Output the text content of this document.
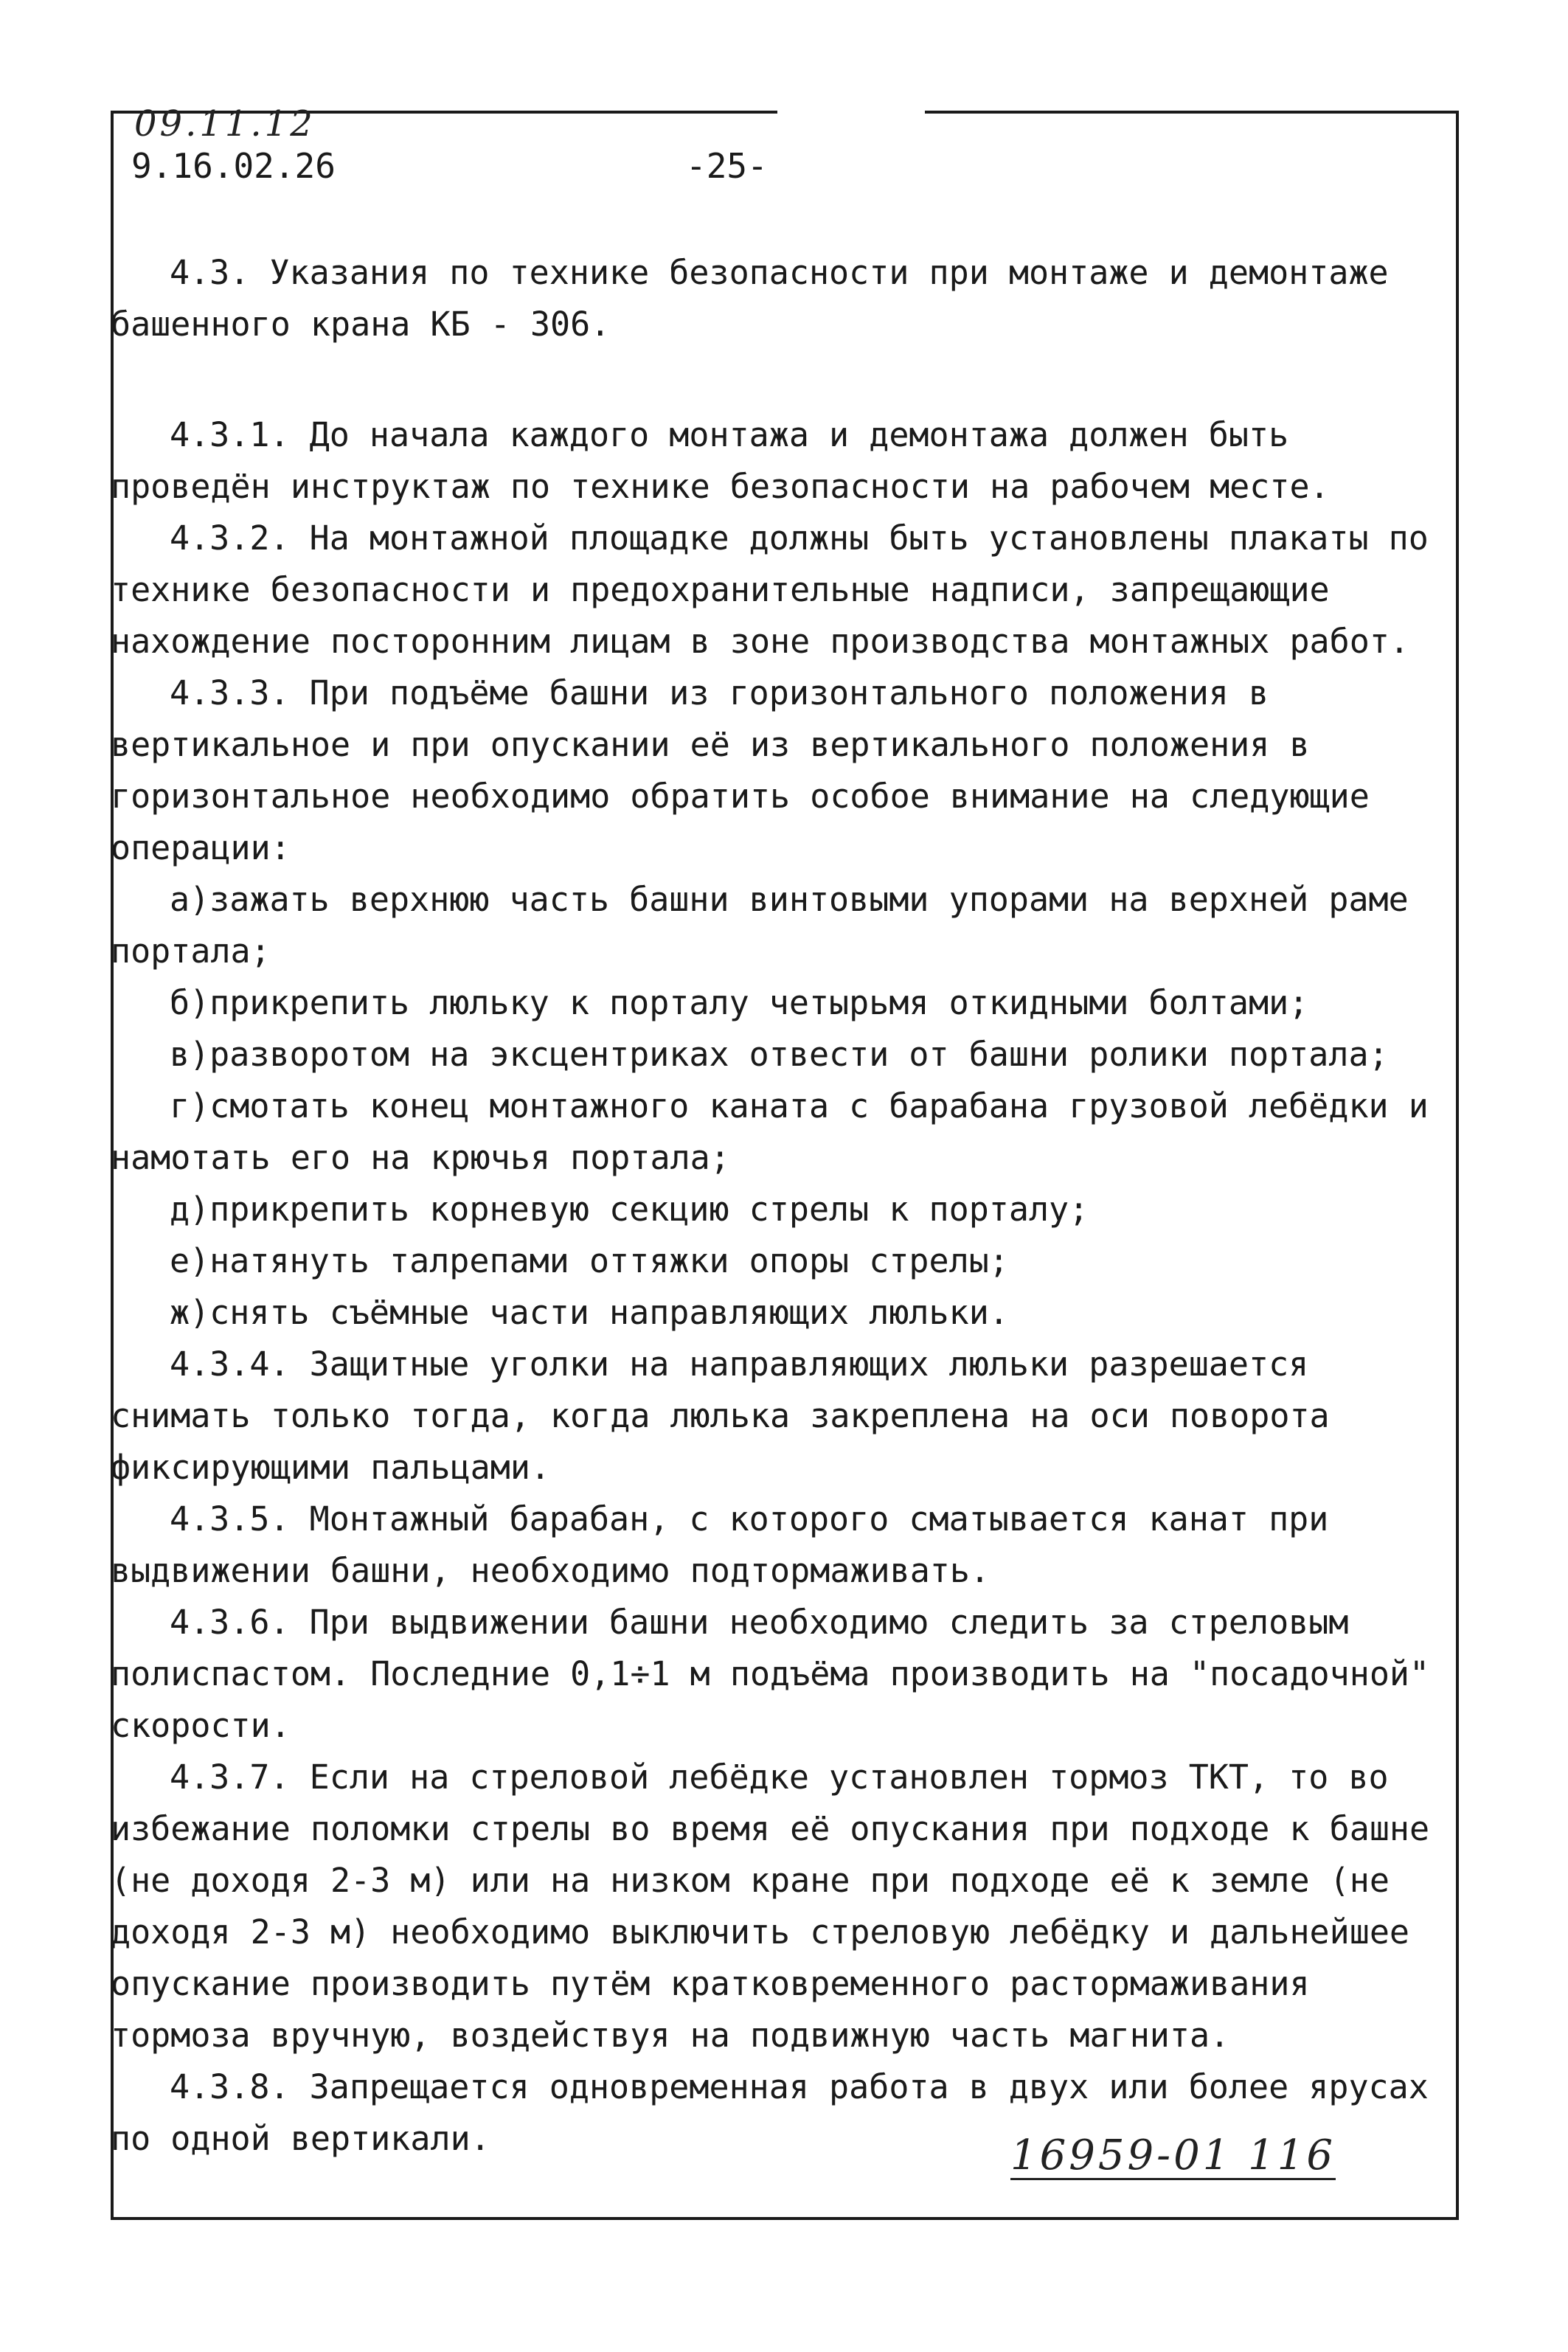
09.11.12
9.16.02.26	-25-

4.3. Указания по технике безопасности при монтаже и демонтаже башенного крана КБ - 306.

4.3.1. До начала каждого монтажа и демонтажа должен быть проведён инструктаж по технике безопасности на рабочем месте.

4.3.2. На монтажной площадке должны быть установлены плакаты по технике безопасности и предохранительные надписи, запрещающие нахождение посторонним лицам в зоне производства монтажных работ.

4.3.3. При подъёме башни из горизонтального положения в вертикальное и при опускании её из вертикального положения в горизонтальное необходимо обратить особое внимание на следующие операции:

а)зажать верхнюю часть башни винтовыми упорами на верхней раме портала;

б)прикрепить люльку к порталу четырьмя откидными болтами;

в)разворотом на эксцентриках отвести от башни ролики портала;

г)смотать конец монтажного каната с барабана грузовой лебёдки и намотать его на крючья портала;

д)прикрепить корневую секцию стрелы к порталу;

е)натянуть талрепами оттяжки опоры стрелы;

ж)снять съёмные части направляющих люльки.

4.3.4. Защитные уголки на направляющих люльки разрешается снимать только тогда, когда люлька закреплена на оси поворота фиксирующими пальцами.

4.3.5. Монтажный барабан, с которого сматывается канат при выдвижении башни, необходимо подтормаживать.

4.3.6. При выдвижении башни необходимо следить за стреловым полиспастом. Последние 0,1÷1 м подъёма производить на "посадочной" скорости.

4.3.7. Если на стреловой лебёдке установлен тормоз ТКТ, то во избежание поломки стрелы во время её опускания при подходе к башне (не доходя 2-3 м) или на низком кране при подходе её к земле (не доходя 2-3 м) необходимо выключить стреловую лебёдку и дальнейшее опускание производить путём кратковременного растормаживания тормоза вручную, воздействуя на подвижную часть магнита.

4.3.8. Запрещается одновременная работа в двух или более ярусах по одной вертикали.	16959-01 116
